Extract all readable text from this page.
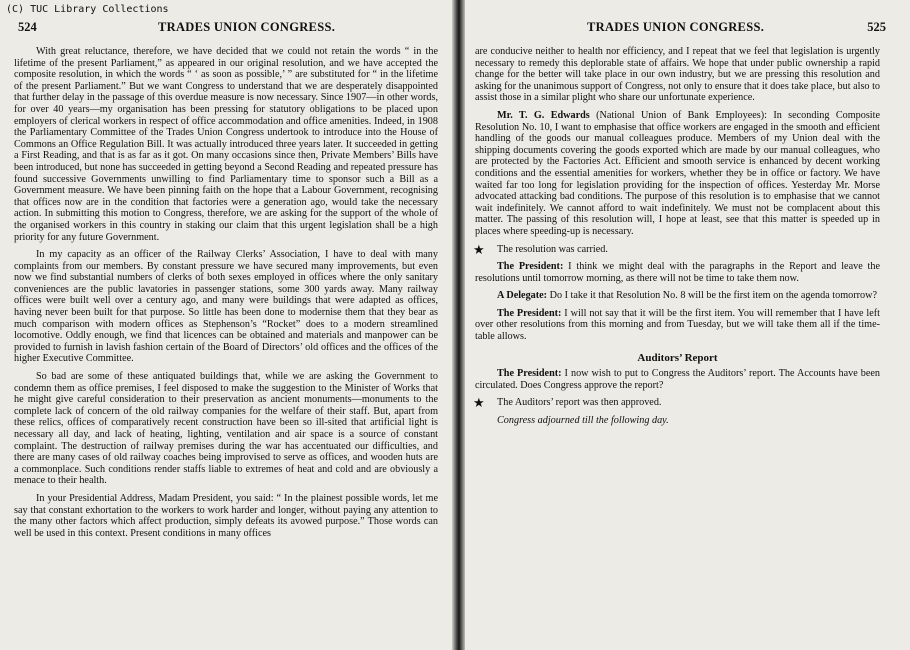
(C) TUC Library Collections
524	TRADES UNION CONGRESS.

With great reluctance, therefore, we have decided that we could not retain the words “ in the lifetime of the present Parliament,” as appeared in our original resolution, and we have accepted the composite resolution, in which the words “ ‘ as soon as possible,’ ” are substituted for “ in the lifetime of the present Parliament.” But we want Congress to understand that we are desperately disappointed that further delay in the passage of this overdue measure is now necessary. Since 1907—in other words, for over 40 years—my organisation has been pressing for statutory obligations to be placed upon employers of clerical workers in respect of office accommodation and office amenities. Indeed, in 1908 the Parliamentary Committee of the Trades Union Congress undertook to introduce into the House of Commons an Office Regulation Bill. It was actually introduced three years later. It succeeded in getting a First Reading, and that is as far as it got. On many occasions since then, Private Members’ Bills have been introduced, but none has succeeded in getting beyond a Second Reading and repeated pressure has found successive Governments unwilling to find Parliamentary time to sponsor such a Bill as a Government measure. We have been pinning faith on the hope that a Labour Government, recognising that offices now are in the condition that factories were a generation ago, would take the necessary action. In submitting this motion to Congress, therefore, we are asking for the support of the whole of the organised workers in this country in staking our claim that this urgent legislation shall be a high priority for any future Government.

In my capacity as an officer of the Railway Clerks’ Association, I have to deal with many complaints from our members. By constant pressure we have secured many improvements, but even now we find substantial numbers of clerks of both sexes employed in offices where the only sanitary conveniences are the public lavatories in passenger stations, some 300 yards away. Many railway offices were built well over a century ago, and many were buildings that were adapted as offices, having never been built for that purpose. So little has been done to modernise them that they bear as much comparison with modern offices as Stephenson’s “Rocket” does to a modern streamlined locomotive. Oddly enough, we find that licences can be obtained and materials and manpower can be provided to furnish in lavish fashion certain of the Board of Directors’ old offices and the offices of the higher Executive Committee.

So bad are some of these antiquated buildings that, while we are asking the Government to condemn them as office premises, I feel disposed to make the suggestion to the Minister of Works that he might give careful consideration to their preservation as ancient monuments—monuments to the complete lack of concern of the old railway companies for the welfare of their staff. But, apart from these relics, offices of comparatively recent construction have been so ill-sited that artificial light is necessary all day, and lack of heating, lighting, ventilation and air space is a source of constant complaint. The destruction of railway premises during the war has accentuated our difficulties, and there are many cases of old railway coaches being improvised to serve as offices, and wooden huts are a commonplace. Such conditions render staffs liable to extremes of heat and cold and are obviously a menace to their health.

In your Presidential Address, Madam President, you said: “ In the plainest possible words, let me say that constant exhortation to the workers to work harder and longer, without paying any attention to the many other factors which affect production, simply defeats its avowed purpose.” Those words can well be used in this context. Present conditions in many offices

TRADES UNION CONGRESS.	525

are conducive neither to health nor efficiency, and I repeat that we feel that legislation is urgently necessary to remedy this deplorable state of affairs. We hope that under public ownership a rapid change for the better will take place in our own industry, but we are pressing this resolution and asking for the unanimous support of Congress, not only to ensure that it does take place, but also to assist those in a similar plight who share our unfortunate experience.

Mr. T. G. Edwards (National Union of Bank Employees): In seconding Composite Resolution No. 10, I want to emphasise that office workers are engaged in the smooth and efficient handling of the goods our manual colleagues produce. Members of my Union deal with the shipping documents covering the goods exported which are made by our manual colleagues, who are protected by the Factories Act. Efficient and smooth service is enhanced by decent working conditions and the essential amenities for workers, whether they be in office or factory. We have waited far too long for legislation providing for the inspection of offices. Yesterday Mr. Morse advocated attacking bad conditions. The purpose of this resolution is to emphasise that we cannot wait indefinitely. We cannot afford to wait indefinitely. We must not be complacent about this matter. The passing of this resolution will, I hope at least, see that this matter is speeded up in places where speeding-up is necessary.

★ The resolution was carried.

The President: I think we might deal with the paragraphs in the Report and leave the resolutions until tomorrow morning, as there will not be time to take them now.

A Delegate: Do I take it that Resolution No. 8 will be the first item on the agenda tomorrow?

The President: I will not say that it will be the first item. You will remember that I have left over other resolutions from this morning and from Tuesday, but we will take them all if the time-table allows.

Auditors’ Report

The President: I now wish to put to Congress the Auditors’ report. The Accounts have been circulated. Does Congress approve the report?

★ The Auditors’ report was then approved.
Congress adjourned till the following day.
